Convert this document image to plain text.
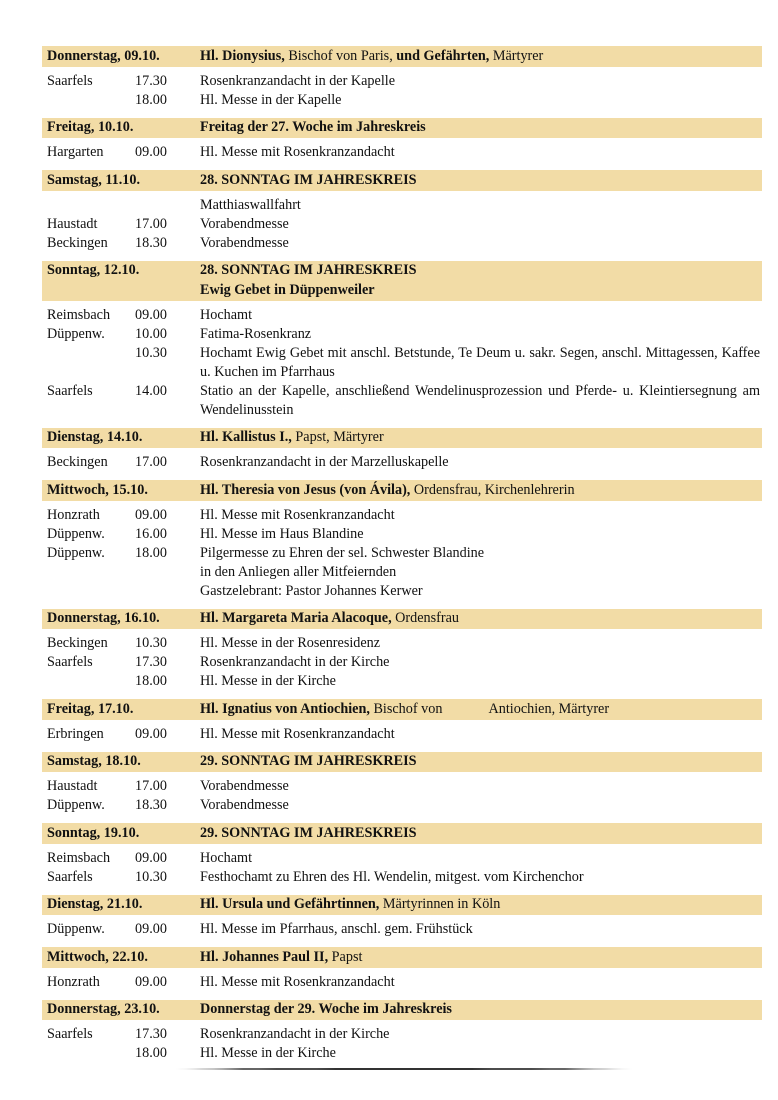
Donnerstag, 09.10.	Hl. Dionysius, Bischof von Paris, und Gefährten, Märtyrer
Saarfels	17.30	Rosenkranzandacht in der Kapelle
18.00	Hl. Messe in der Kapelle
Freitag, 10.10.	Freitag der 27. Woche im Jahreskreis
Hargarten	09.00	Hl. Messe mit Rosenkranzandacht
Samstag, 11.10.	28. SONNTAG IM JAHRESKREIS
Matthiaswallfahrt
Haustadt	17.00	Vorabendmesse
Beckingen	18.30	Vorabendmesse
Sonntag, 12.10.	28. SONNTAG IM JAHRESKREIS
Ewig Gebet in Düppenweiler
Reimsbach	09.00	Hochamt
Düppenw.	10.00	Fatima-Rosenkranz
10.30	Hochamt Ewig Gebet mit anschl. Betstunde, Te Deum u. sakr. Segen, anschl. Mittagessen, Kaffee u. Kuchen im Pfarrhaus
Saarfels	14.00	Statio an der Kapelle, anschließend Wendelinusprozession und Pferde- u. Kleintiersegnung am Wendelinusstein
Dienstag, 14.10.	Hl. Kallistus I., Papst, Märtyrer
Beckingen	17.00	Rosenkranzandacht in der Marzelluskapelle
Mittwoch, 15.10.	Hl. Theresia von Jesus (von Ávila), Ordensfrau, Kirchenlehrerin
Honzrath	09.00	Hl. Messe mit Rosenkranzandacht
Düppenw.	16.00	Hl. Messe im Haus Blandine
Düppenw.	18.00	Pilgermesse zu Ehren der sel. Schwester Blandine
in den Anliegen aller Mitfeiernden
Gastzelebrant: Pastor Johannes Kerwer
Donnerstag, 16.10.	Hl. Margareta Maria Alacoque, Ordensfrau
Beckingen	10.30	Hl. Messe in der Rosenresidenz
Saarfels	17.30	Rosenkranzandacht in der Kirche
18.00	Hl. Messe in der Kirche
Freitag, 17.10.	Hl. Ignatius von Antiochien, Bischof von             Antiochien, Märtyrer
Erbringen	09.00	Hl. Messe mit Rosenkranzandacht
Samstag, 18.10.	29. SONNTAG IM JAHRESKREIS
Haustadt	17.00	Vorabendmesse
Düppenw.	18.30	Vorabendmesse
Sonntag, 19.10.	29. SONNTAG IM JAHRESKREIS
Reimsbach	09.00	Hochamt
Saarfels	10.30	Festhochamt zu Ehren des Hl. Wendelin, mitgest. vom Kirchenchor
Dienstag, 21.10.	Hl. Ursula und Gefährtinnen, Märtyrinnen in Köln
Düppenw.	09.00	Hl. Messe im Pfarrhaus, anschl. gem. Frühstück
Mittwoch, 22.10.	Hl. Johannes Paul II, Papst
Honzrath	09.00	Hl. Messe mit Rosenkranzandacht
Donnerstag, 23.10.	Donnerstag der 29. Woche im Jahreskreis
Saarfels	17.30	Rosenkranzandacht in der Kirche
18.00	Hl. Messe in der Kirche
